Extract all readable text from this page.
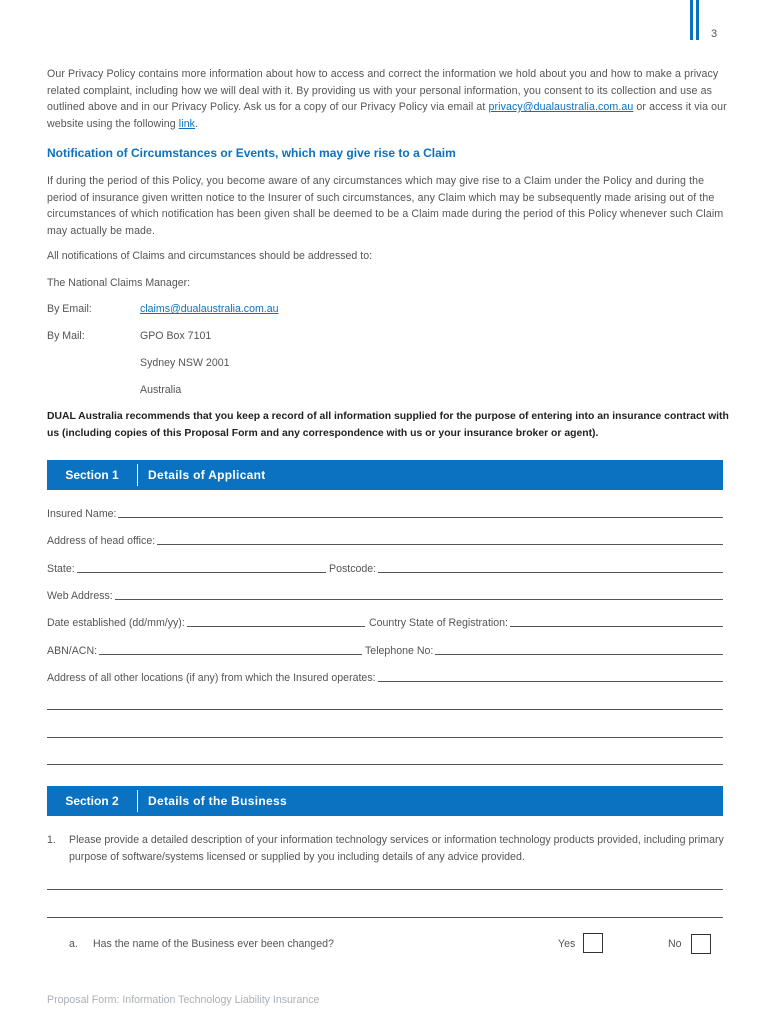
3

Our Privacy Policy contains more information about how to access and correct the information we hold about you and how to make a privacy related complaint, including how we will deal with it. By providing us with your personal information, you consent to its collection and use as outlined above and in our Privacy Policy. Ask us for a copy of our Privacy Policy via email at privacy@dualaustralia.com.au or access it via our website using the following link.

Notification of Circumstances or Events, which may give rise to a Claim

If during the period of this Policy, you become aware of any circumstances which may give rise to a Claim under the Policy and during the period of insurance given written notice to the Insurer of such circumstances, any Claim which may be subsequently made arising out of the circumstances of which notification has been given shall be deemed to be a Claim made during the period of this Policy whenever such Claim may actually be made.

All notifications of Claims and circumstances should be addressed to:
The National Claims Manager:
By Email:	claims@dualaustralia.com.au
By Mail:	GPO Box 7101
Sydney NSW 2001
Australia

DUAL Australia recommends that you keep a record of all information supplied for the purpose of entering into an insurance contract with us (including copies of this Proposal Form and any correspondence with us or your insurance broker or agent).

Section 1	Details of Applicant
Insured Name:
Address of head office:
State:	Postcode:
Web Address:
Date established (dd/mm/yy):	Country State of Registration:
ABN/ACN:	Telephone No:
Address of all other locations (if any) from which the Insured operates:
Section 2	Details of the Business
1. Please provide a detailed description of your information technology services or information technology products provided, including primary purpose of software/systems licensed or supplied by you including details of any advice provided.
a. Has the name of the Business ever been changed?	Yes	No
Proposal Form: Information Technology Liability Insurance
